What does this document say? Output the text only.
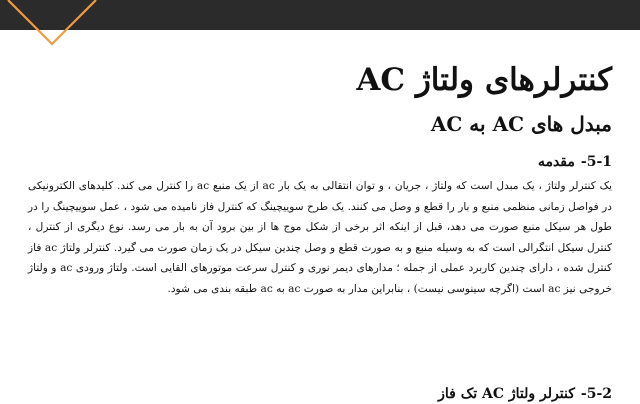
کنترلرهای ولتاژ AC
مبدل های AC به AC
5-1-مقدمه

یک کنترلر ولتاژ ، یک مبدل است که ولتاژ ، جریان ، و توان انتقالی به یک بار ac از یک منبع ac را کنترل می کند. کلیدهای الکترونیکی در فواصل زمانی منظمی منبع و بار را قطع و وصل می کنند. یک طرح سوییچینگ که کنترل فاز نامیده می شود ، عمل سوییچینگ را در طول هر سیکل منبع صورت می دهد، قبل از اینکه اثر برخی از شکل موج ها از بین برود آن به بار می رسد. نوع دیگری از کنترل ، کنترل سیکل انتگرالی است که به وسیله منبع و به صورت قطع و وصل چندین سیکل در یک زمان صورت می گیرد. کنترلر ولتاژ ac فاز کنترل شده ، دارای چندین کاربرد عملی از جمله ؛ مدارهای دیمر نوری و کنترل سرعت موتورهای القایی است. ولتاژ ورودی ac و ولتاژ خروجی نیز ac است (اگرچه سینوسی نیست) ، بنابراین مدار به صورت ac به ac طبقه بندی می شود.

5-2-کنترلر ولتاژ AC تک فاز
